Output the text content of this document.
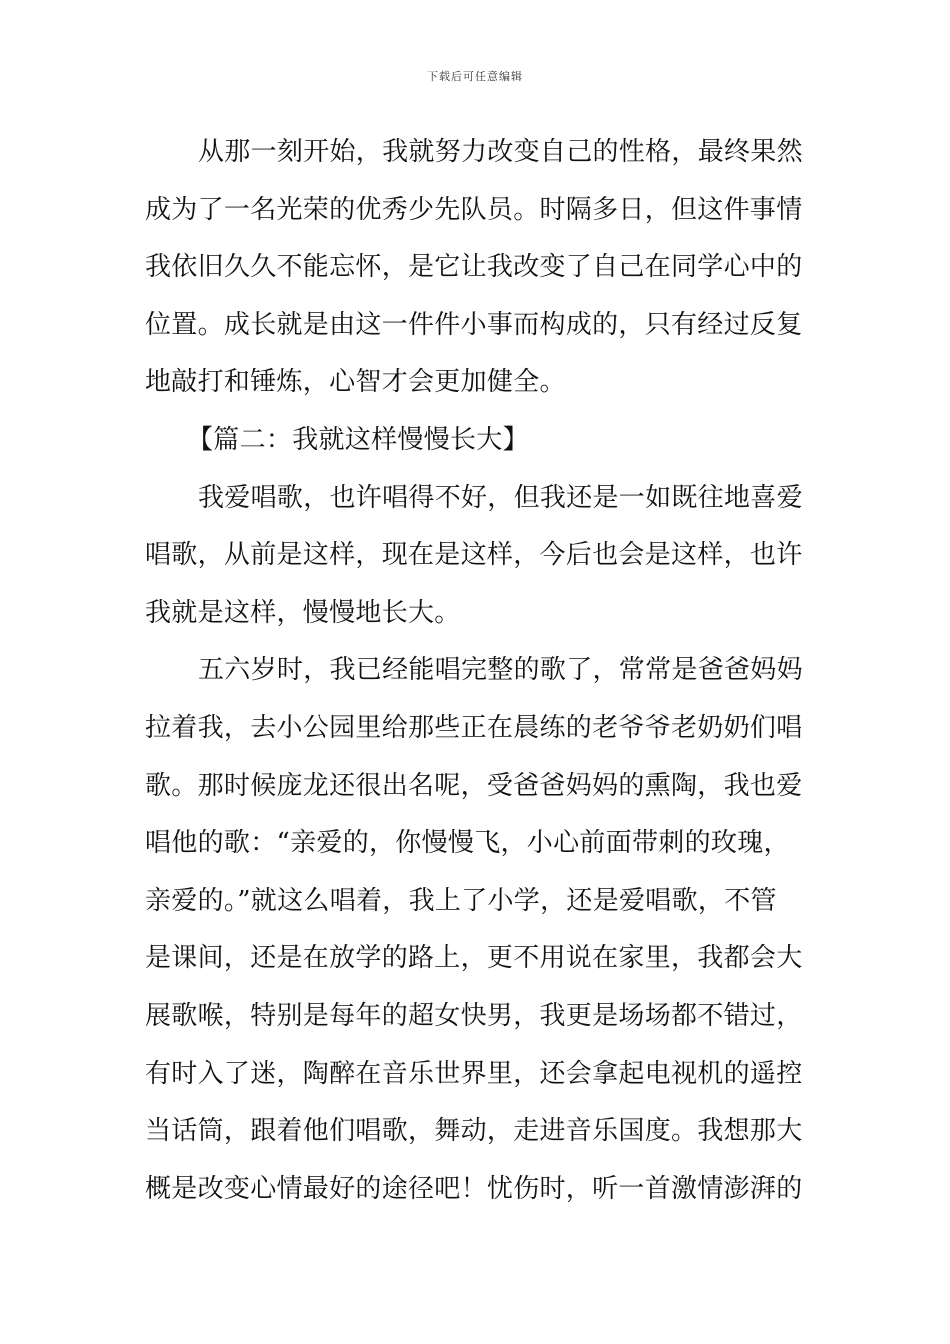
下载后可任意编辑
从那一刻开始，我就努力改变自己的性格，最终果然
成为了一名光荣的优秀少先队员。时隔多日，但这件事情
我依旧久久不能忘怀，是它让我改变了自己在同学心中的
位置。成长就是由这一件件小事而构成的，只有经过反复
地敲打和锤炼，心智才会更加健全。
【篇二：我就这样慢慢长大】
我爱唱歌，也许唱得不好，但我还是一如既往地喜爱
唱歌，从前是这样，现在是这样，今后也会是这样，也许
我就是这样，慢慢地长大。
五六岁时，我已经能唱完整的歌了，常常是爸爸妈妈
拉着我，去小公园里给那些正在晨练的老爷爷老奶奶们唱
歌。那时候庞龙还很出名呢，受爸爸妈妈的熏陶，我也爱
唱他的歌：“亲爱的，你慢慢飞，小心前面带刺的玫瑰，
亲爱的。”就这么唱着，我上了小学，还是爱唱歌，不管
是课间，还是在放学的路上，更不用说在家里，我都会大
展歌喉，特别是每年的超女快男，我更是场场都不错过，
有时入了迷，陶醉在音乐世界里，还会拿起电视机的遥控
当话筒，跟着他们唱歌，舞动，走进音乐国度。我想那大
概是改变心情最好的途径吧！忧伤时，听一首激情澎湃的
